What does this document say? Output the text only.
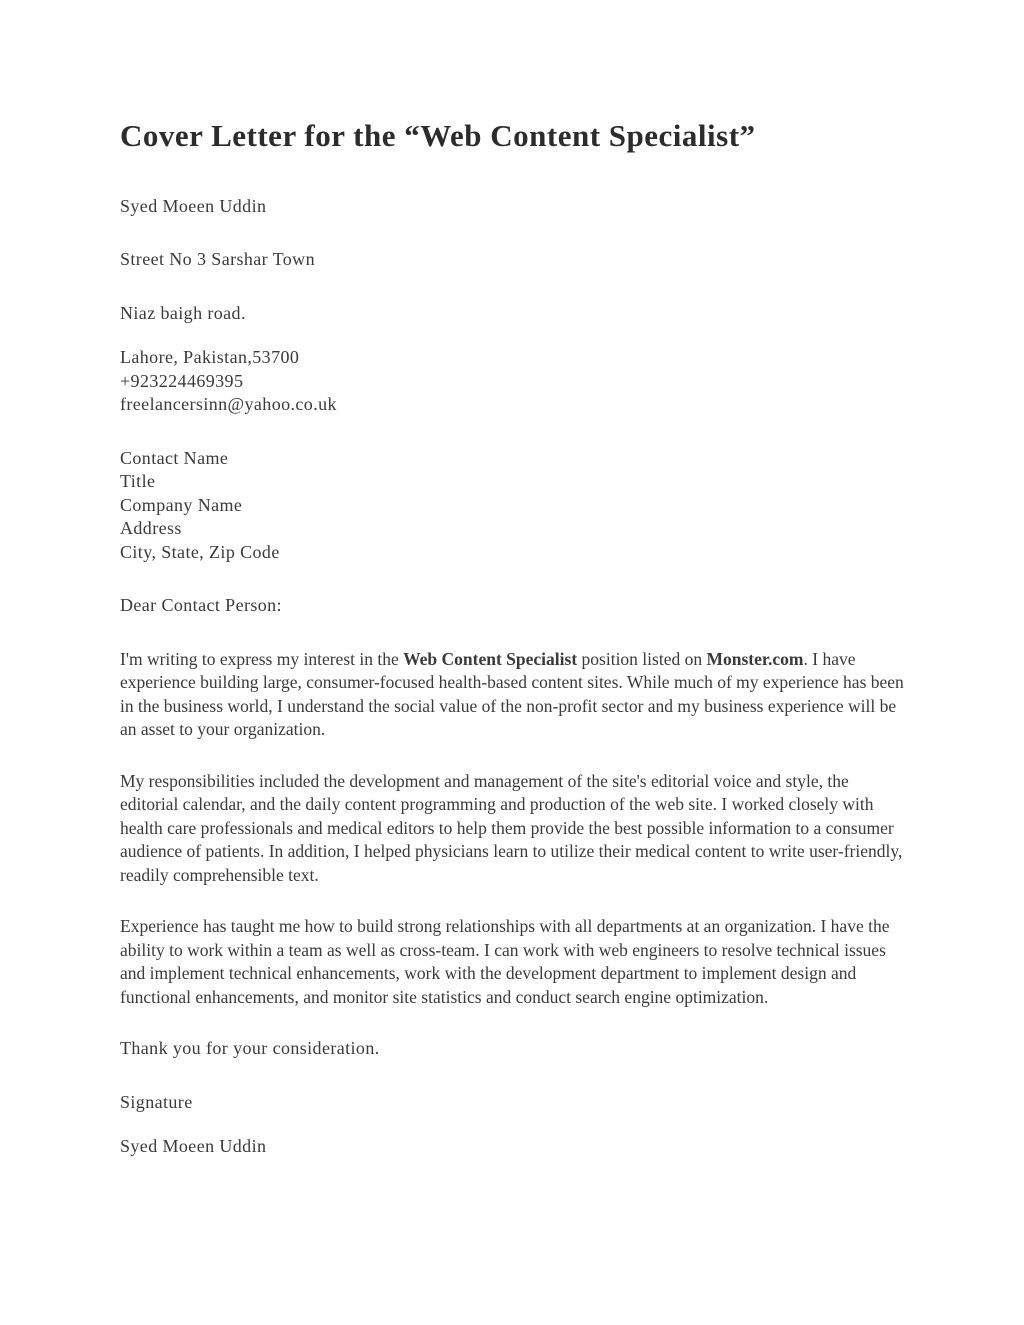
Cover Letter for the “Web Content Specialist”

Syed Moeen Uddin

Street No 3 Sarshar Town

Niaz baigh road.

Lahore, Pakistan,53700
+923224469395
freelancersinn@yahoo.co.uk
Contact Name
Title
Company Name
Address
City, State, Zip Code

Dear Contact Person:

I'm writing to express my interest in the Web Content Specialist position listed on Monster.com. I have experience building large, consumer-focused health-based content sites. While much of my experience has been in the business world, I understand the social value of the non-profit sector and my business experience will be an asset to your organization.

My responsibilities included the development and management of the site's editorial voice and style, the editorial calendar, and the daily content programming and production of the web site. I worked closely with health care professionals and medical editors to help them provide the best possible information to a consumer audience of patients. In addition, I helped physicians learn to utilize their medical content to write user-friendly, readily comprehensible text.

Experience has taught me how to build strong relationships with all departments at an organization. I have the ability to work within a team as well as cross-team. I can work with web engineers to resolve technical issues and implement technical enhancements, work with the development department to implement design and functional enhancements, and monitor site statistics and conduct search engine optimization.

Thank you for your consideration.

Signature

Syed Moeen Uddin
